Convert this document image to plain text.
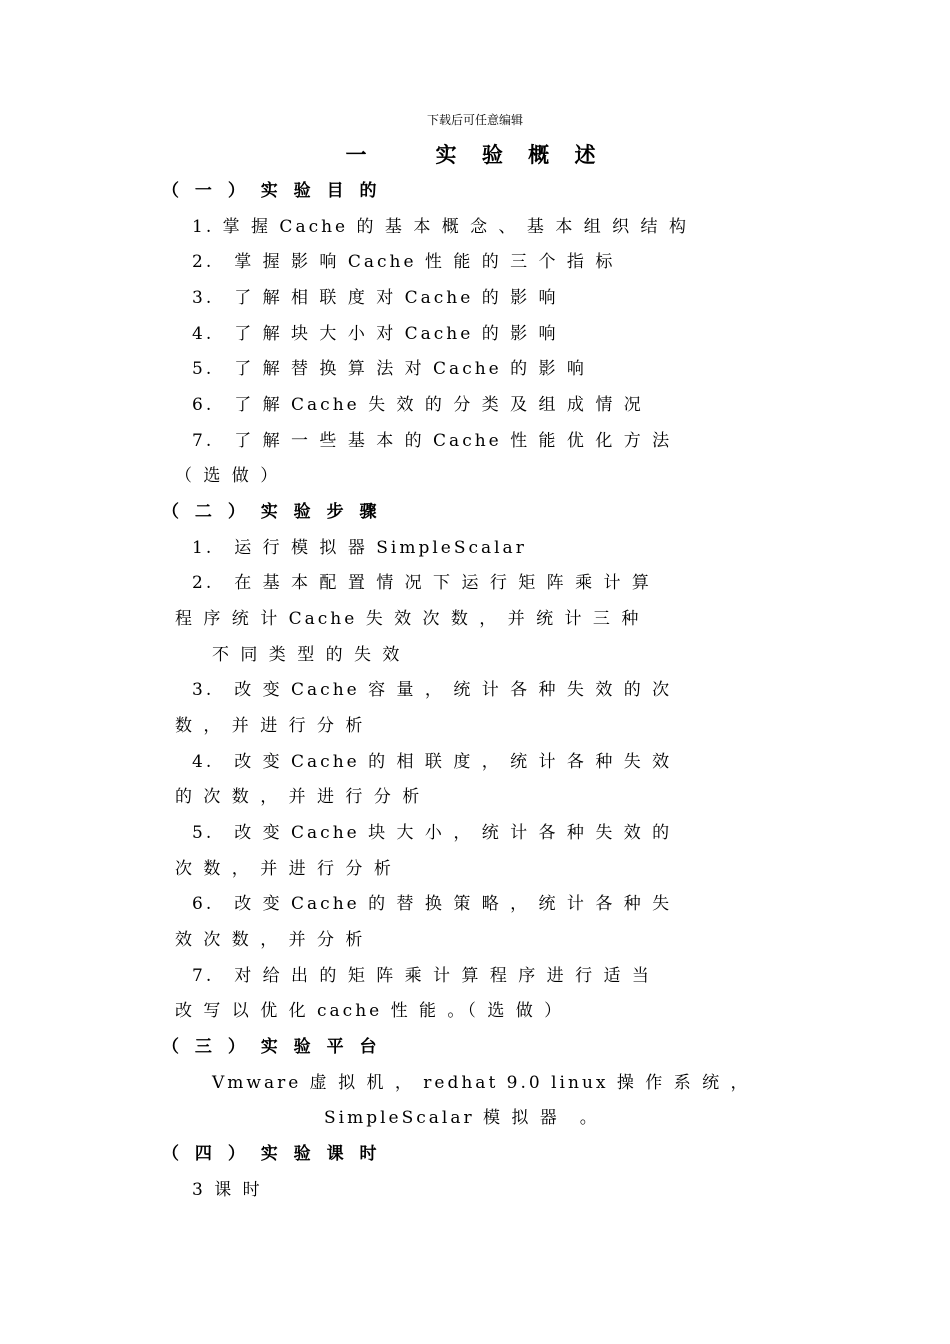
下载后可任意编辑
一　　实 验 概 述
（ 一 ） 实 验 目 的
1. 掌 握 Cache 的 基 本 概 念 、 基 本 组 织 结 构
2.　掌 握 影 响 Cache 性 能 的 三 个 指 标
3.　了 解 相 联 度 对 Cache 的 影 响
4.　了 解 块 大 小 对 Cache 的 影 响
5.　了 解 替 换 算 法 对 Cache 的 影 响
6.　了 解 Cache 失 效 的 分 类 及 组 成 情 况
7.　了 解 一 些 基 本 的 Cache 性 能 优 化 方 法
（ 选 做 ）
（ 二 ） 实 验 步 骤
1.　运 行 模 拟 器 SimpleScalar
2.　在 基 本 配 置 情 况 下 运 行 矩 阵 乘 计 算
程 序 统 计 Cache 失 效 次 数 ， 并 统 计 三 种
不 同 类 型 的 失 效
3.　改 变 Cache 容 量 ， 统 计 各 种 失 效 的 次
数 ， 并 进 行 分 析
4.　改 变 Cache 的 相 联 度 ， 统 计 各 种 失 效
的 次 数 ， 并 进 行 分 析
5.　改 变 Cache 块 大 小 ， 统 计 各 种 失 效 的
次 数 ， 并 进 行 分 析
6.　改 变 Cache 的 替 换 策 略 ， 统 计 各 种 失
效 次 数 ， 并 分 析
7.　对 给 出 的 矩 阵 乘 计 算 程 序 进 行 适 当
改 写 以 优 化 cache 性 能 。（ 选 做 ）
（ 三 ） 实 验 平 台
Vmware 虚 拟 机 ， redhat 9.0 linux 操 作 系 统 ，
SimpleScalar 模 拟 器　。
（ 四 ） 实 验 课 时
3 课 时
